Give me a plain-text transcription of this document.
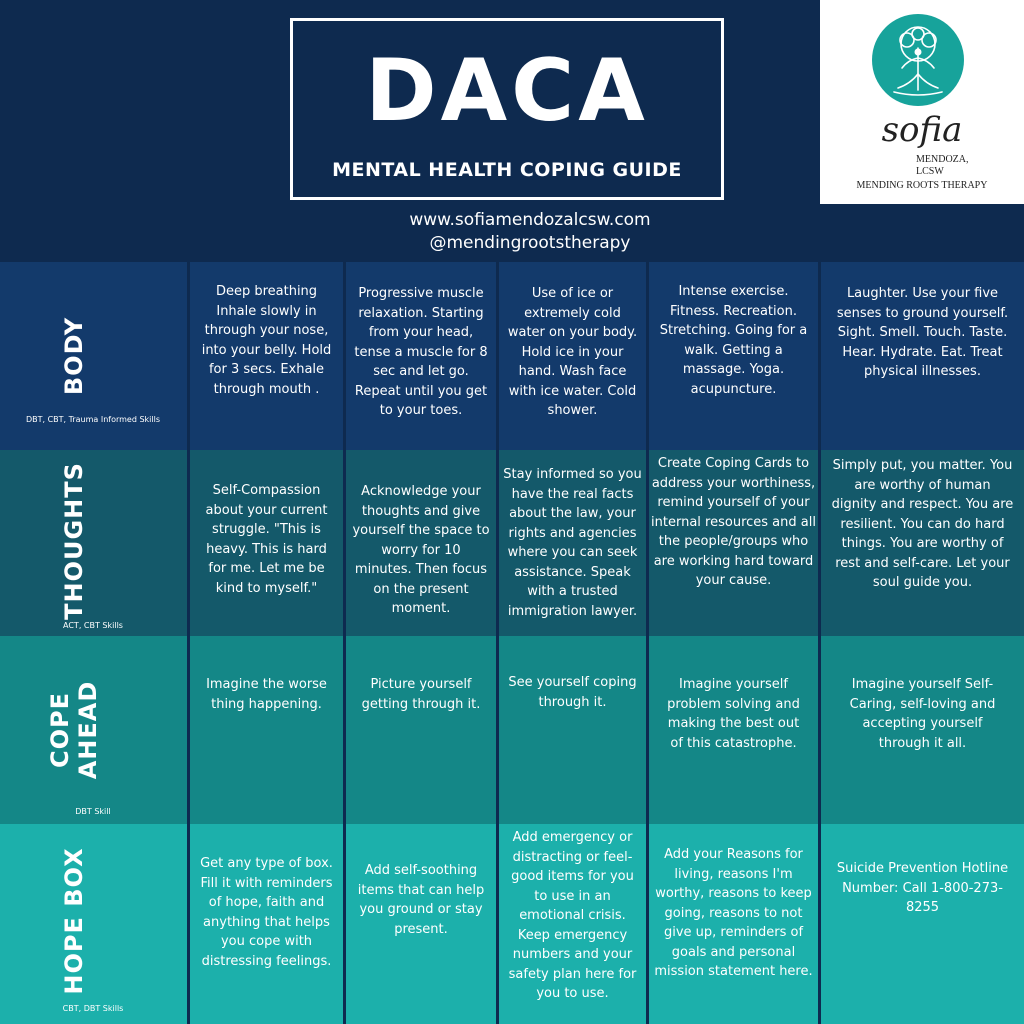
DACA
MENTAL HEALTH COPING GUIDE
www.sofiamendozalcsw.com
@mendingrootstherapy
sofia
MENDOZA,
LCSW
MENDING ROOTS THERAPY
BODY
DBT, CBT, Trauma Informed Skills
Deep breathing Inhale slowly in through your nose, into your belly. Hold for 3 secs. Exhale through mouth .
Progressive muscle relaxation. Starting from your head, tense a muscle for 8 sec and let go. Repeat until you get to your toes.
Use of ice or extremely cold water on your body. Hold ice in your hand. Wash face with ice water. Cold shower.
Intense exercise. Fitness. Recreation. Stretching. Going for a walk. Getting a massage. Yoga. acupuncture.
Laughter. Use your five senses to ground yourself. Sight. Smell. Touch. Taste. Hear. Hydrate. Eat. Treat physical illnesses.
THOUGHTS
ACT, CBT Skills
Self-Compassion about your current struggle. "This is heavy. This is hard for me. Let me be kind to myself."
Acknowledge your thoughts and give yourself the space to worry for 10 minutes. Then focus on the present moment.
Stay informed so you have the real facts about the law, your rights and agencies where you can seek assistance. Speak with a trusted immigration lawyer.
Create Coping Cards to address your worthiness, remind yourself of your internal resources and all the people/groups who are working hard toward your cause.
Simply put, you matter. You are worthy of human dignity and respect. You are resilient. You can do hard things. You are worthy of rest and self-care. Let your soul guide you.
COPE
AHEAD
DBT Skill
Imagine the worse thing happening.
Picture yourself getting through it.
See yourself coping through it.
Imagine yourself problem solving and making the best out of this catastrophe.
Imagine yourself Self-Caring, self-loving and accepting yourself through it all.
HOPE BOX
CBT, DBT Skills
Get any type of box. Fill it with reminders of hope, faith and anything that helps you cope with distressing feelings.
Add self-soothing items that can help you ground or stay present.
Add emergency or distracting or feel-good items for you to use in an emotional crisis. Keep emergency numbers and your safety plan here for you to use.
Add your Reasons for living, reasons I'm worthy, reasons to keep going, reasons to not give up, reminders of goals and personal mission statement here.
Suicide Prevention Hotline Number: Call 1-800-273-8255
